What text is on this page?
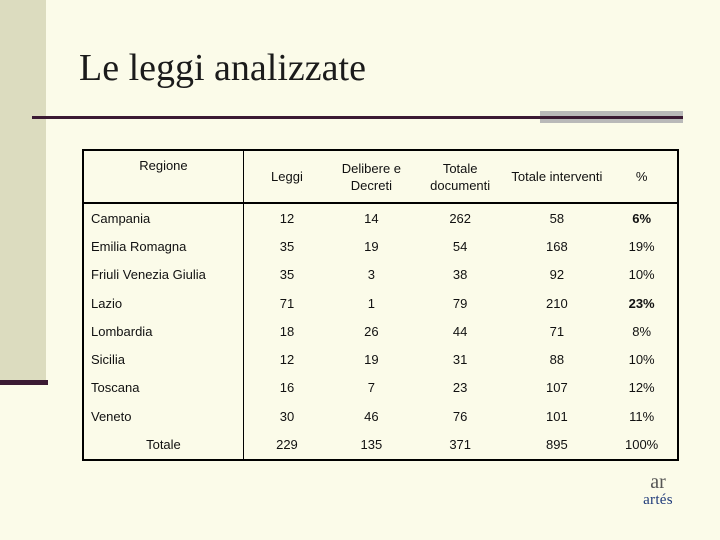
Le leggi analizzate
Regione	Leggi	Delibere e Decreti	Totale documenti	Totale interventi	%
Campania	12	14	262	58	6%
Emilia Romagna	35	19	54	168	19%
Friuli Venezia Giulia	35	3	38	92	10%
Lazio	71	1	79	210	23%
Lombardia	18	26	44	71	8%
Sicilia	12	19	31	88	10%
Toscana	16	7	23	107	12%
Veneto	30	46	76	101	11%
Totale	229	135	371	895	100%
ar
artés
